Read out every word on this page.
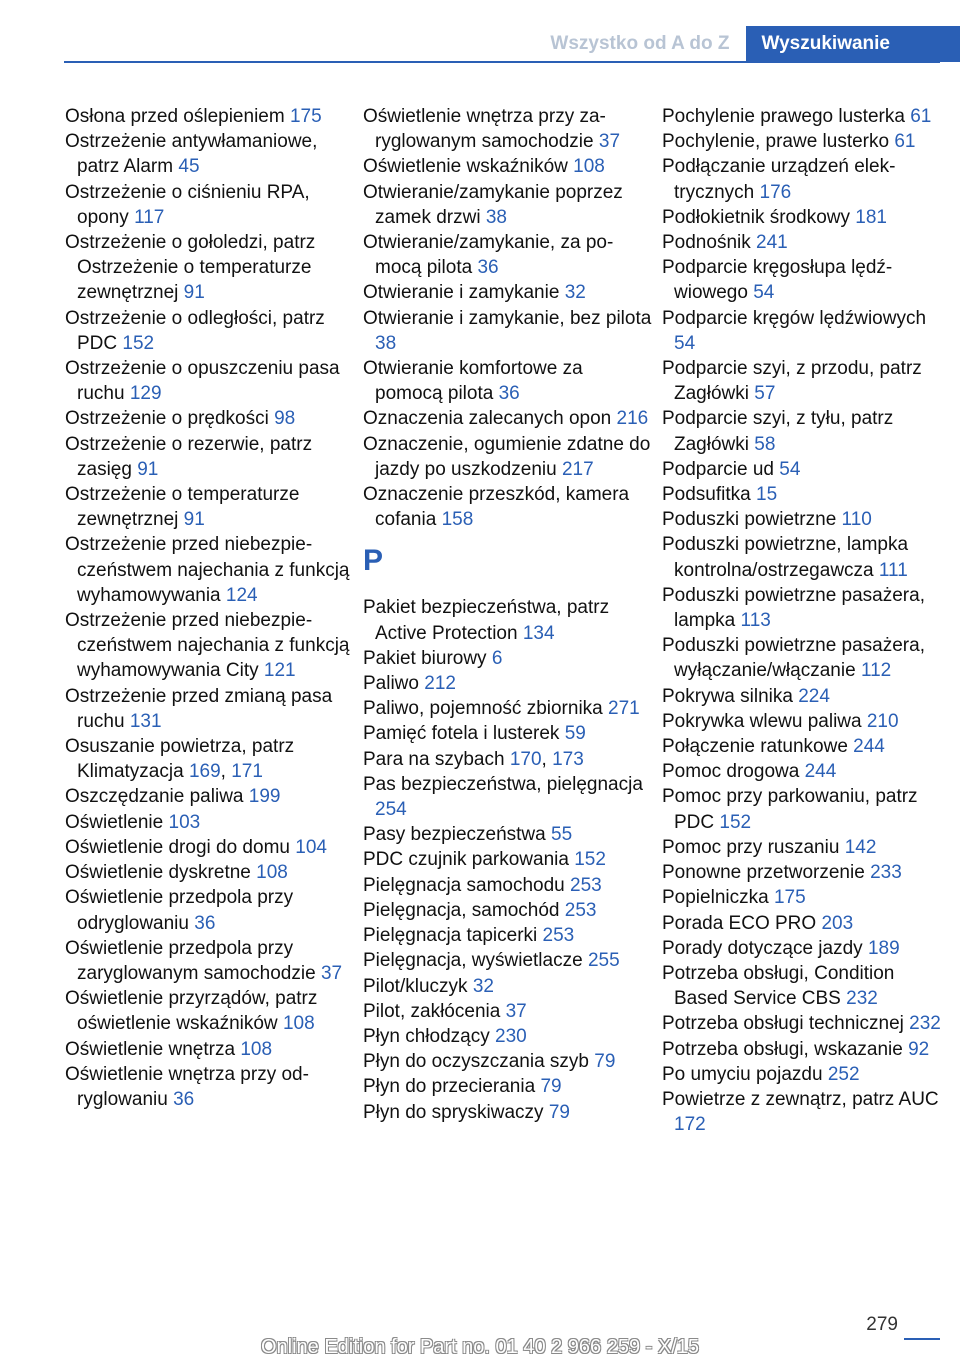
Wszystko od A do Z	Wyszukiwanie

Osłona przed oślepieniem 175

Ostrzeżenie antywłamaniowe, patrz Alarm 45

Ostrzeżenie o ciśnieniu RPA, opony 117

Ostrzeżenie o gołoledzi, patrz Ostrzeżenie o temperaturze zewnętrznej 91

Ostrzeżenie o odległości, patrz PDC 152

Ostrzeżenie o opuszczeniu pasa ruchu 129

Ostrzeżenie o prędkości 98

Ostrzeżenie o rezerwie, patrz zasięg 91

Ostrzeżenie o temperaturze zewnętrznej 91

Ostrzeżenie przed niebezpieczeństwem najechania z funkcją wyhamowywania 124

Ostrzeżenie przed niebezpieczeństwem najechania z funkcją wyhamowywania City 121

Ostrzeżenie przed zmianą pasa ruchu 131

Osuszanie powietrza, patrz Klimatyzacja 169, 171

Oszczędzanie paliwa 199

Oświetlenie 103

Oświetlenie drogi do domu 104

Oświetlenie dyskretne 108

Oświetlenie przedpola przy odryglowaniu 36

Oświetlenie przedpola przy zaryglowanym samochodzie 37

Oświetlenie przyrządów, patrz oświetlenie wskaźników 108

Oświetlenie wnętrza 108

Oświetlenie wnętrza przy odryglowaniu 36

Oświetlenie wnętrza przy zaryglowanym samochodzie 37

Oświetlenie wskaźników 108

Otwieranie/zamykanie poprzez zamek drzwi 38

Otwieranie/zamykanie, za pomocą pilota 36

Otwieranie i zamykanie 32

Otwieranie i zamykanie, bez pilota 38

Otwieranie komfortowe za pomocą pilota 36

Oznaczenia zalecanych opon 216

Oznaczenie, ogumienie zdatne do jazdy po uszkodzeniu 217

Oznaczenie przeszkód, kamera cofania 158

P

Pakiet bezpieczeństwa, patrz Active Protection 134

Pakiet biurowy 6

Paliwo 212

Paliwo, pojemność zbiornika 271

Pamięć fotela i lusterek 59

Para na szybach 170, 173

Pas bezpieczeństwa, pielęgnacja 254

Pasy bezpieczeństwa 55

PDC czujnik parkowania 152

Pielęgnacja samochodu 253

Pielęgnacja, samochód 253

Pielęgnacja tapicerki 253

Pielęgnacja, wyświetlacze 255

Pilot/kluczyk 32

Pilot, zakłócenia 37

Płyn chłodzący 230

Płyn do oczyszczania szyb 79

Płyn do przecierania 79

Płyn do spryskiwaczy 79

Pochylenie prawego lusterka 61

Pochylenie, prawe lusterko 61

Podłączanie urządzeń elektrycznych 176

Podłokietnik środkowy 181

Podnośnik 241

Podparcie kręgosłupa lędźwiowego 54

Podparcie kręgów lędźwiowych 54

Podparcie szyi, z przodu, patrz Zagłówki 57

Podparcie szyi, z tyłu, patrz Zagłówki 58

Podparcie ud 54

Podsufitka 15

Poduszki powietrzne 110

Poduszki powietrzne, lampka kontrolna/ostrzegawcza 111

Poduszki powietrzne pasażera, lampka 113

Poduszki powietrzne pasażera, wyłączanie/włączanie 112

Pokrywa silnika 224

Pokrywka wlewu paliwa 210

Połączenie ratunkowe 244

Pomoc drogowa 244

Pomoc przy parkowaniu, patrz PDC 152

Pomoc przy ruszaniu 142

Ponowne przetworzenie 233

Popielniczka 175

Porada ECO PRO 203

Porady dotyczące jazdy 189

Potrzeba obsługi, Condition Based Service CBS 232

Potrzeba obsługi technicznej 232

Potrzeba obsługi, wskazanie 92

Po umyciu pojazdu 252

Powietrze z zewnątrz, patrz AUC 172

279
Online Edition for Part no. 01 40 2 966 259 - X/15
